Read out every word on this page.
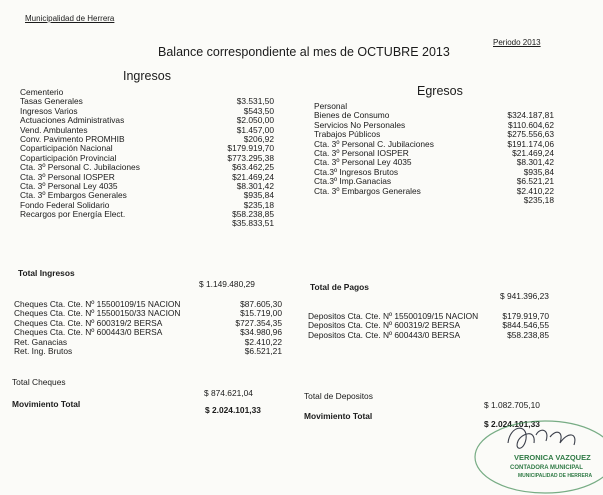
Municipalidad de Herrera
Periodo 2013
Balance correspondiente al mes de OCTUBRE 2013
Ingresos
Cementerio
Tasas Generales	$3.531,50
Ingresos Varios	$543,50
Actuaciones Administrativas	$2.050,00
Vend. Ambulantes	$1.457,00
Conv. Pavimento PROMHIB	$206,92
Coparticipación Nacional	$179.919,70
Coparticipación Provincial	$773.295,38
Cta. 3º Personal C. Jubilaciones	$63.462,25
Cta. 3º Personal IOSPER	$21.469,24
Cta. 3º Personal Ley 4035	$8.301,42
Cta. 3º Embargos Generales	$935,84
Fondo Federal Solidario	$235,18
Recargos por Energía Elect.	$58.238,85
$35.833,51
Total Ingresos
$ 1.149.480,29
Cheques Cta. Cte. Nº 15500109/15 NACION	$87.605,30
Cheques Cta. Cte. Nº 15500150/33 NACION	$15.719,00
Cheques Cta. Cte. Nº 600319/2 BERSA	$727.354,35
Cheques Cta. Cte. Nº 600443/0 BERSA	$34.980,96
Ret. Ganacias	$2.410,22
Ret. Ing. Brutos	$6.521,21
Total Cheques
$ 874.621,04
Movimiento Total
$ 2.024.101,33
Egresos
Personal
Bienes de Consumo	$324.187,81
Servicios No Personales	$110.604,62
Trabajos Públicos	$275.556,63
Cta. 3º Personal C. Jubilaciones	$191.174,06
Cta. 3º Personal IOSPER	$21.469,24
Cta. 3º Personal Ley 4035	$8.301,42
Cta.3º Ingresos Brutos	$935,84
Cta.3º Imp.Ganacias	$6.521,21
Cta. 3º Embargos Generales	$2.410,22
$235,18
Total de Pagos
$ 941.396,23
Depositos Cta. Cte. Nº 15500109/15 NACION	$179.919,70
Depositos Cta. Cte. Nº 600319/2 BERSA	$844.546,55
Depositos Cta. Cte. Nº 600443/0 BERSA	$58.238,85
Total de Depositos
$ 1.082.705,10
Movimiento Total
$ 2.024.101,33
VERONICA VAZQUEZ
CONTADORA MUNICIPAL
MUNICIPALIDAD DE HERRERA
